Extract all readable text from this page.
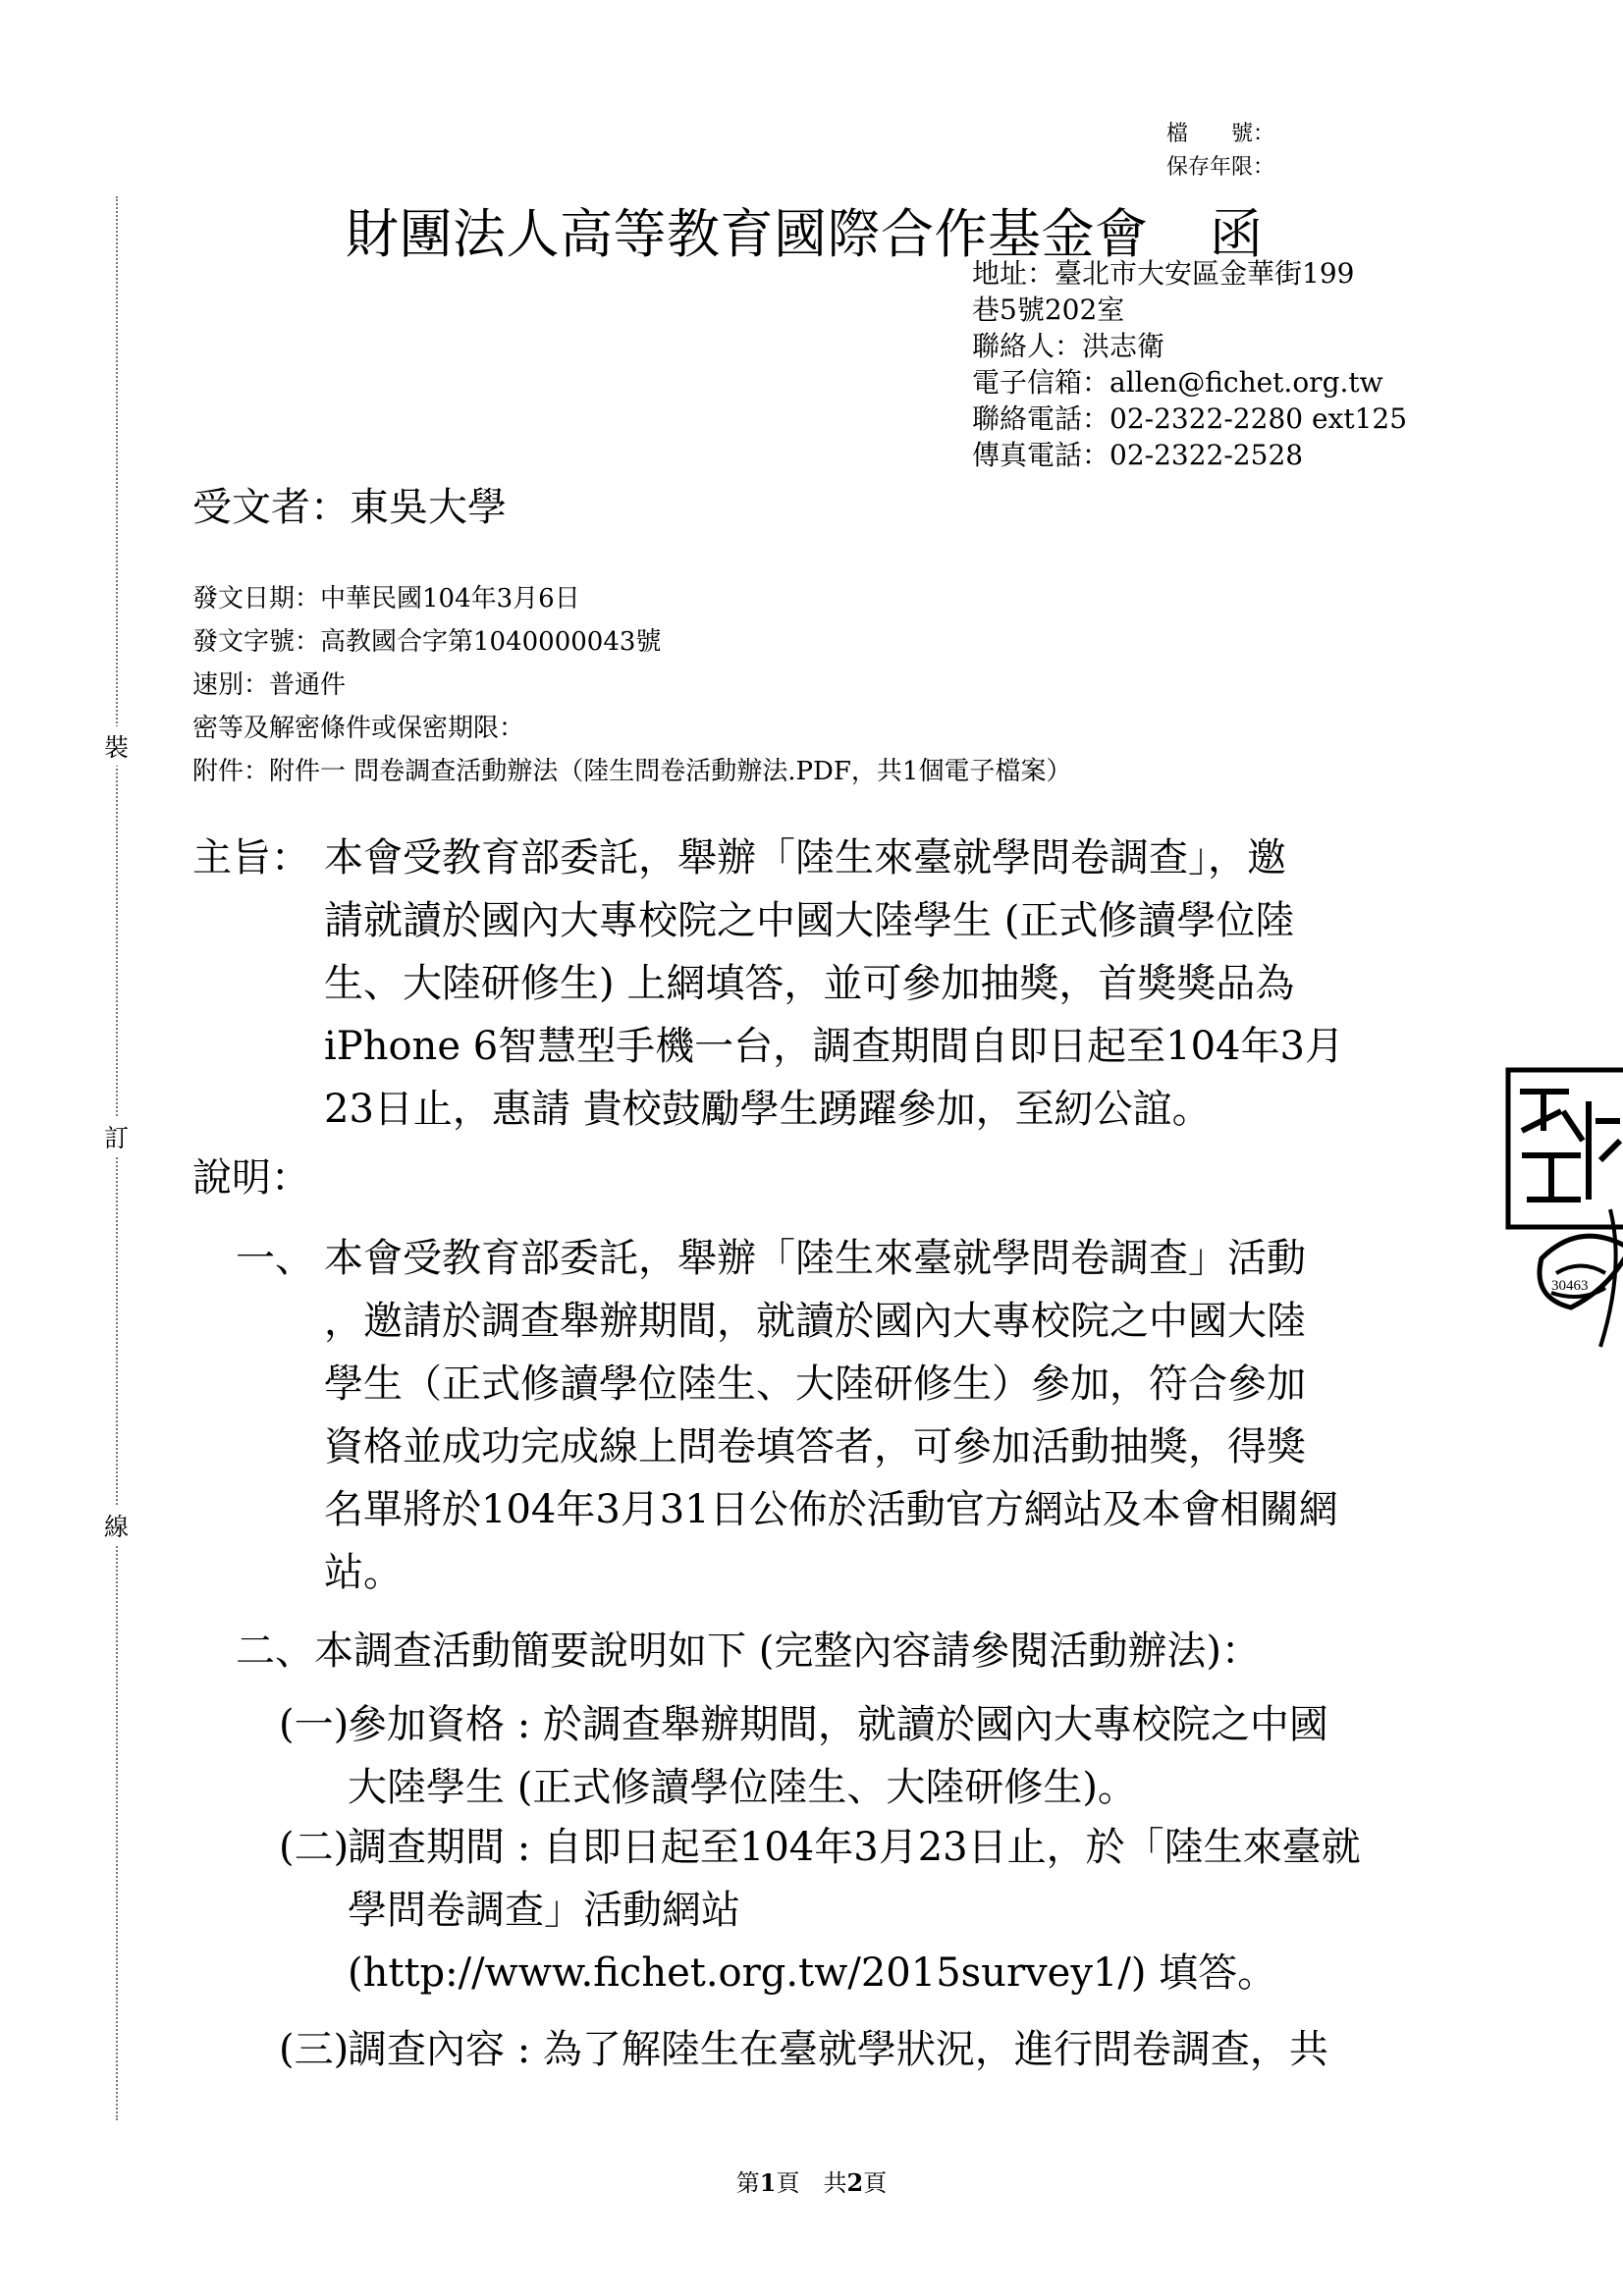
裝
訂
線
檔　　號：
保存年限：
財團法人高等教育國際合作基金會 函
地址：臺北市大安區金華街199
巷5號202室
聯絡人：洪志衛
電子信箱：allen@fichet.org.tw
聯絡電話：02-2322-2280 ext125
傳真電話：02-2322-2528
受文者：東吳大學
發文日期：中華民國104年3月6日
發文字號：高教國合字第1040000043號
速別：普通件
密等及解密條件或保密期限：
附件：附件一 問卷調查活動辦法（陸生問卷活動辦法.PDF，共1個電子檔案）
主旨： 本會受教育部委託，舉辦「陸生來臺就學問卷調查」，邀
請就讀於國內大專校院之中國大陸學生 (正式修讀學位陸
生、大陸研修生) 上網填答，並可參加抽獎，首獎獎品為
iPhone 6智慧型手機一台，調查期間自即日起至104年3月
23日止，惠請 貴校鼓勵學生踴躍參加，至紉公誼。
說明：
一、 本會受教育部委託，舉辦「陸生來臺就學問卷調查」活動
，邀請於調查舉辦期間，就讀於國內大專校院之中國大陸
學生（正式修讀學位陸生、大陸研修生）參加，符合參加
資格並成功完成線上問卷填答者，可參加活動抽獎，得獎
名單將於104年3月31日公佈於活動官方網站及本會相關網
站。
二、本調查活動簡要說明如下 (完整內容請參閱活動辦法)：
(一)
參加資格 : 於調查舉辦期間，就讀於國內大專校院之中國
大陸學生 (正式修讀學位陸生、大陸研修生)。
(二)
調查期間 : 自即日起至104年3月23日止，於「陸生來臺就
學問卷調查」活動網站
(http://www.fichet.org.tw/2015survey1/) 填答。
(三)
調查內容 : 為了解陸生在臺就學狀況，進行問卷調查，共
30463
第1頁　共2頁
